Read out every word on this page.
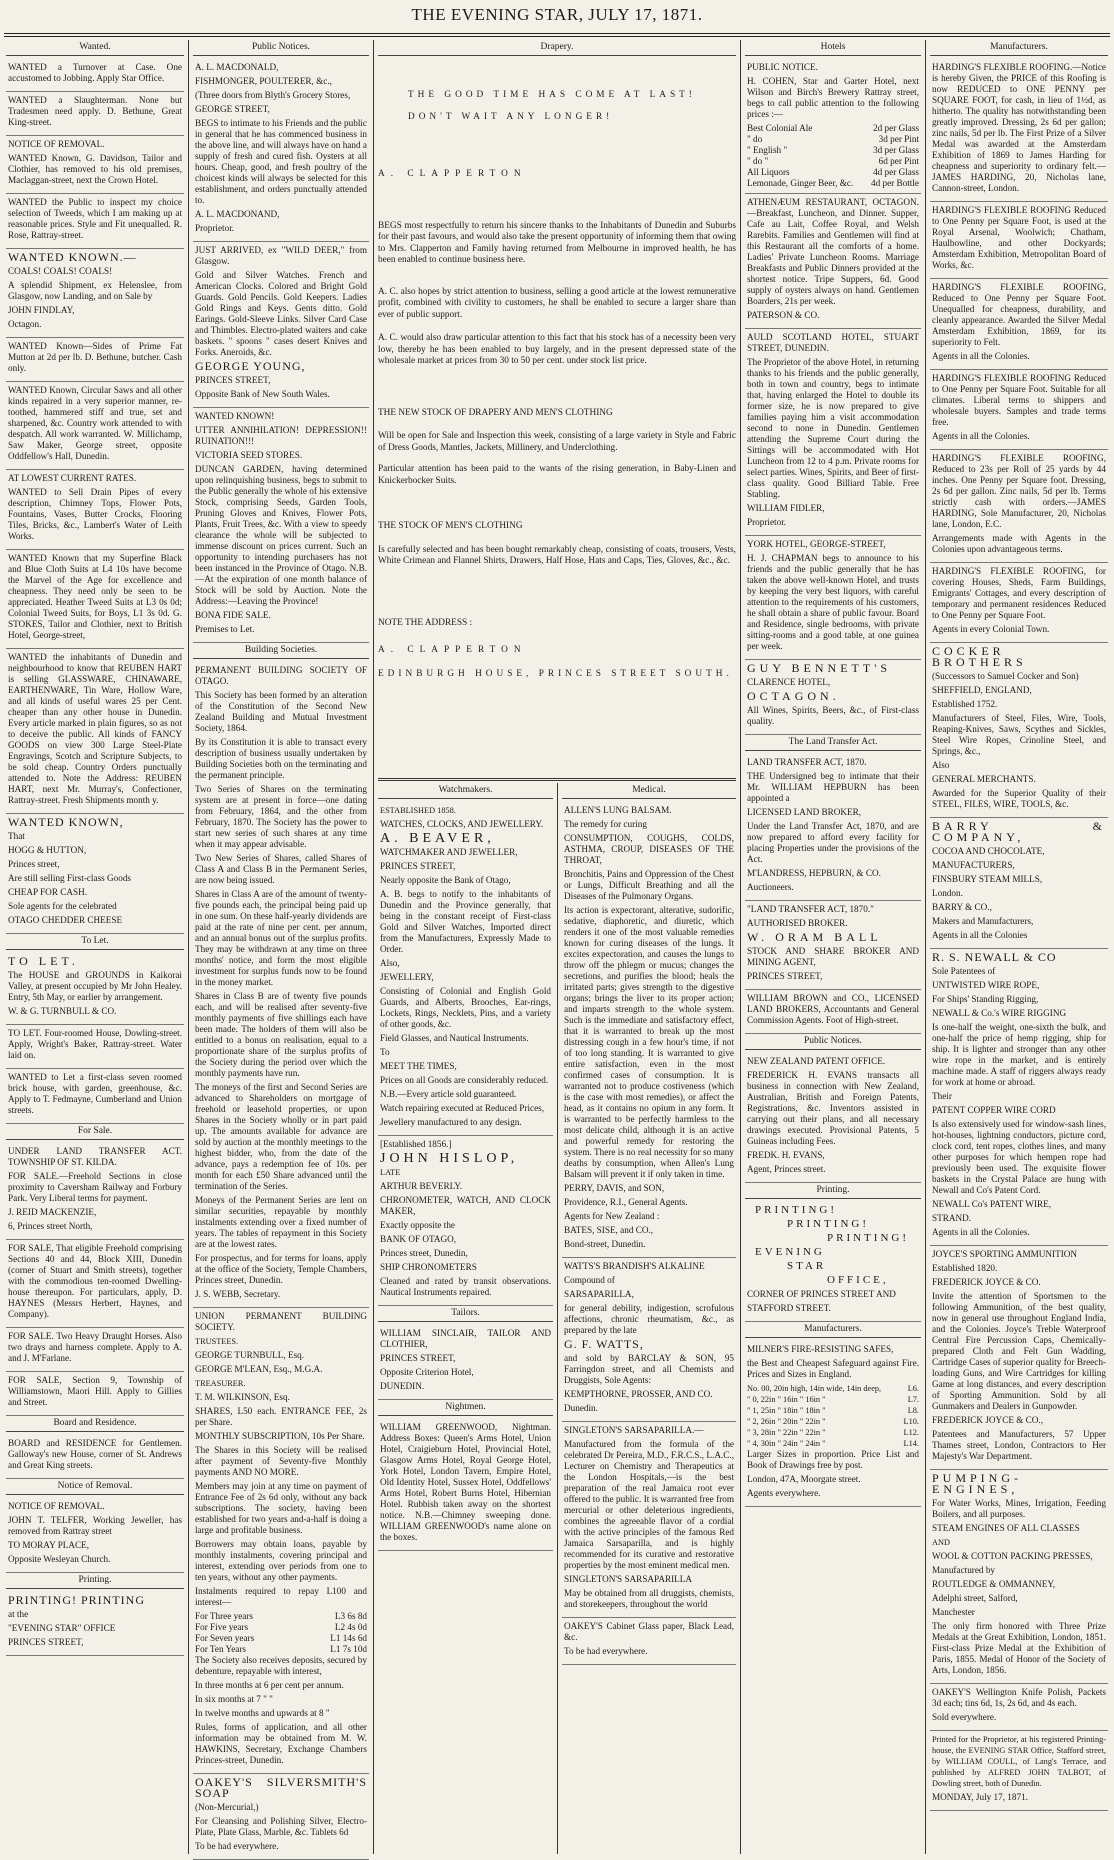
THE EVENING STAR, JULY 17, 1871.
Wanted.

WANTED a Turnover at Case. One accustomed to Jobbing. Apply Star Office.

WANTED a Slaughterman. None but Tradesmen need apply. D. Bethune, Great King-street.

NOTICE OF REMOVAL.

WANTED Known, G. Davidson, Tailor and Clothier, has removed to his old premises, Maclaggan-street, next the Crown Hotel.

WANTED the Public to inspect my choice selection of Tweeds, which I am making up at reasonable prices. Style and Fit unequalled. R. Rose, Rattray-street.

WANTED KNOWN.—

COALS! COALS! COALS!

A splendid Shipment, ex Helenslee, from Glasgow, now Landing, and on Sale by

JOHN FINDLAY,

Octagon.

WANTED Known—Sides of Prime Fat Mutton at 2d per lb. D. Bethune, butcher. Cash only.

WANTED Known, Circular Saws and all other kinds repaired in a very superior manner, re-toothed, hammered stiff and true, set and sharpened, &c. Country work attended to with despatch. All work warranted. W. Millichamp, Saw Maker, George street, opposite Oddfellow's Hall, Dunedin.

AT LOWEST CURRENT RATES.

WANTED to Sell Drain Pipes of every description, Chimney Tops, Flower Pots, Fountains, Vases, Butter Crocks, Flooring Tiles, Bricks, &c., Lambert's Water of Leith Works.

WANTED Known that my Superfine Black and Blue Cloth Suits at L4 10s have become the Marvel of the Age for excellence and cheapness. They need only be seen to be appreciated. Heather Tweed Suits at L3 0s 0d; Colonial Tweed Suits, for Boys, L1 3s 0d. G. STOKES, Tailor and Clothier, next to British Hotel, George-street,

WANTED the inhabitants of Dunedin and neighbourhood to know that REUBEN HART is selling GLASSWARE, CHINAWARE, EARTHENWARE, Tin Ware, Hollow Ware, and all kinds of useful wares 25 per Cent. cheaper than any other house in Dunedin. Every article marked in plain figures, so as not to deceive the public. All kinds of FANCY GOODS on view 300 Large Steel-Plate Engravings, Scotch and Scripture Subjects, to be sold cheap. Country Orders punctually attended to. Note the Address: REUBEN HART, next Mr. Murray's, Confectioner, Rattray-street. Fresh Shipments month y.

WANTED KNOWN,

That

HOGG & HUTTON,

Princes street,

Are still selling First-class Goods

CHEAP FOR CASH.

Sole agents for the celebrated

OTAGO CHEDDER CHEESE

To Let.

TO LET.

The HOUSE and GROUNDS in Kaikorai Valley, at present occupied by Mr John Healey. Entry, 5th May, or earlier by arrangement.

W. & G. TURNBULL & CO.

TO LET. Four-roomed House, Dowling-street. Apply, Wright's Baker, Rattray-street. Water laid on.

WANTED to Let a first-class seven roomed brick house, with garden, greenhouse, &c. Apply to T. Fedmayne, Cumberland and Union streets.

For Sale.

UNDER LAND TRANSFER ACT. TOWNSHIP OF ST. KILDA.

FOR SALE.—Freehold Sections in close proximity to Caversham Railway and Forbury Park. Very Liberal terms for payment.

J. REID MACKENZIE,

6, Princes street North,

FOR SALE, That eligible Freehold comprising Sections 40 and 44, Block XIII, Dunedin (corner of Stuart and Smith streets), together with the commodious ten-roomed Dwelling-house thereupon. For particulars, apply, D. HAYNES (Messrs Herbert, Haynes, and Company).

FOR SALE. Two Heavy Draught Horses. Also two drays and harness complete. Apply to A. and J. M'Farlane.

FOR SALE, Section 9, Township of Williamstown, Maori Hill. Apply to Gillies and Street.

Board and Residence.

BOARD and RESIDENCE for Gentlemen. Galloway's new House, corner of St. Andrews and Great King streets.

Notice of Removal.

NOTICE OF REMOVAL.

JOHN T. TELFER, Working Jeweller, has removed from Rattray street

TO MORAY PLACE,

Opposite Wesleyan Church.

Printing.

PRINTING! PRINTING

at the

"EVENING STAR" OFFICE

PRINCES STREET,

Public Notices.

A. L. MACDONALD,

FISHMONGER, POULTERER, &c.,

(Three doors from Blyth's Grocery Stores,

GEORGE STREET,

BEGS to intimate to his Friends and the public in general that he has commenced business in the above line, and will always have on hand a supply of fresh and cured fish. Oysters at all hours. Cheap, good, and fresh poultry of the choicest kinds will always be selected for this establishment, and orders punctually attended to.

A. L. MACDONAND,

Proprietor.

JUST ARRIVED, ex "WILD DEER," from Glasgow.

Gold and Silver Watches. French and American Clocks. Colored and Bright Gold Guards. Gold Pencils. Gold Keepers. Ladies Gold Rings and Keys. Gents ditto. Gold Earings. Gold-Sleeve Links. Silver Card Case and Thimbles. Electro-plated waiters and cake baskets. " spoons " cases desert Knives and Forks. Aneroids, &c.

GEORGE YOUNG,

PRINCES STREET,

Opposite Bank of New South Wales.

WANTED KNOWN!

UTTER ANNIHILATION! DEPRESSION!! RUINATION!!!

VICTORIA SEED STORES.

DUNCAN GARDEN, having determined upon relinquishing business, begs to submit to the Public generally the whole of his extensive Stock, comprising Seeds, Garden Tools, Pruning Gloves and Knives, Flower Pots, Plants, Fruit Trees, &c. With a view to speedy clearance the whole will be subjected to immense discount on prices current. Such an opportunity to intending purchasers has not been instanced in the Province of Otago. N.B.—At the expiration of one month balance of Stock will be sold by Auction. Note the Address:—Leaving the Province!

BONA FIDE SALE.

Premises to Let.

Building Societies.

PERMANENT BUILDING SOCIETY OF OTAGO.

This Society has been formed by an alteration of the Constitution of the Second New Zealand Building and Mutual Investment Society, 1864.

By its Constitution it is able to transact every description of business usually undertaken by Building Societies both on the terminating and the permanent principle.

Two Series of Shares on the terminating system are at present in force—one dating from February, 1864, and the other from February, 1870. The Society has the power to start new series of such shares at any time when it may appear advisable.

Two New Series of Shares, called Shares of Class A and Class B in the Permanent Series, are now being issued.

Shares in Class A are of the amount of twenty-five pounds each, the principal being paid up in one sum. On these half-yearly dividends are paid at the rate of nine per cent. per annum, and an annual bonus out of the surplus profits. They may be withdrawn at any time on three months' notice, and form the most eligible investment for surplus funds now to be found in the money market.

Shares in Class B are of twenty five pounds each, and will be realised after seventy-five monthly payments of five shillings each have been made. The holders of them will also be entitled to a bonus on realisation, equal to a proportionate share of the surplus profits of the Society during the period over which the monthly payments have run.

The moneys of the first and Second Series are advanced to Shareholders on mortgage of freehold or leasehold properties, or upon Shares in the Society wholly or in part paid up. The amounts available for advance are sold by auction at the monthly meetings to the highest bidder, who, from the date of the advance, pays a redemption fee of 10s. per month for each £50 Share advanced until the termination of the Series.

Moneys of the Permanent Series are lent on similar securities, repayable by monthly instalments extending over a fixed number of years. The tables of repayment in this Society are at the lowest rates.

For prospectus, and for terms for loans, apply at the office of the Society, Temple Chambers, Princes street, Dunedin.

J. S. WEBB, Secretary.

UNION PERMANENT BUILDING SOCIETY.

TRUSTEES.

GEORGE TURNBULL, Esq.

GEORGE M'LEAN, Esq., M.G.A.

TREASURER.

T. M. WILKINSON, Esq.

SHARES, L50 each. ENTRANCE FEE, 2s per Share.

MONTHLY SUBSCRIPTION, 10s Per Share.

The Shares in this Society will be realised after payment of Seventy-five Monthly payments AND NO MORE.

Members may join at any time on payment of Entrance Fee of 2s 6d only, without any back subscriptions. The society, having been established for two years and-a-half is doing a large and profitable business.

Borrowers may obtain loans, payable by monthly instalments, covering principal and interest, extending over periods from one to ten years, without any other payments.

Instalments required to repay L100 and interest—

For Three years	L3 6s 8d
For Five years	L2 4s 0d
For Seven years	L1 14s 6d
For Ten Years	L1 7s 10d

The Society also receives deposits, secured by debenture, repayable with interest,

In three months at 6 per cent per annum.

In six months at 7 " "

In twelve months and upwards at 8 "

Rules, forms of application, and all other information may be obtained from M. W. HAWKINS, Secretary, Exchange Chambers Princes-street, Dunedin.

OAKEY'S SILVERSMITH'S SOAP

(Non-Mercurial,)

For Cleansing and Polishing Silver, Electro-Plate, Plate Glass, Marble, &c. Tablets 6d

To be had everywhere.

Drapery.

THE GOOD TIME HAS COME AT LAST!

DON'T WAIT ANY LONGER!

A. CLAPPERTON

BEGS most respectfully to return his sincere thanks to the Inhabitants of Dunedin and Suburbs for their past favours, and would also take the present opportunity of informing them that owing to Mrs. Clapperton and Family having returned from Melbourne in improved health, he has been enabled to continue business here.

A. C. also hopes by strict attention to business, selling a good article at the lowest remunerative profit, combined with civility to customers, he shall be enabled to secure a larger share than ever of public support.

A. C. would also draw particular attention to this fact that his stock has of a necessity been very low, thereby he has been enabled to buy largely, and in the present depressed state of the wholesale market at prices from 30 to 50 per cent. under stock list price.

THE NEW STOCK OF DRAPERY AND MEN'S CLOTHING

Will be open for Sale and Inspection this week, consisting of a large variety in Style and Fabric of Dress Goods, Mantles, Jackets, Millinery, and Underclothing.

Particular attention has been paid to the wants of the rising generation, in Baby-Linen and Knickerbocker Suits.

THE STOCK OF MEN'S CLOTHING

Is carefully selected and has been bought remarkably cheap, consisting of coats, trousers, Vests, White Crimean and Flannel Shirts, Drawers, Half Hose, Hats and Caps, Ties, Gloves, &c., &c.

NOTE THE ADDRESS :

A. CLAPPERTON

EDINBURGH HOUSE, PRINCES STREET SOUTH.

Watchmakers.

ESTABLISHED 1858.

WATCHES, CLOCKS, AND JEWELLERY.

A. BEAVER,

WATCHMAKER AND JEWELLER,

PRINCES STREET,

Nearly opposite the Bank of Otago,

A. B. begs to notify to the inhabitants of Dunedin and the Province generally, that being in the constant receipt of First-class Gold and Silver Watches, Imported direct from the Manufacturers, Expressly Made to Order.

Also,

JEWELLERY,

Consisting of Colonial and English Gold Guards, and Alberts, Brooches, Ear-rings, Lockets, Rings, Necklets, Pins, and a variety of other goods, &c.

Field Glasses, and Nautical Instruments.

To

MEET THE TIMES,

Prices on all Goods are considerably reduced.

N.B.—Every article sold guaranteed.

Watch repairing executed at Reduced Prices,

Jewellery manufactured to any design.

[Established 1856.]

JOHN HISLOP,

LATE

ARTHUR BEVERLY.

CHRONOMETER, WATCH, AND CLOCK MAKER,

Exactly opposite the

BANK OF OTAGO,

Princes street, Dunedin,

SHIP CHRONOMETERS

Cleaned and rated by transit observations. Nautical Instruments repaired.

Tailors.

WILLIAM SINCLAIR, TAILOR AND CLOTHIER,

PRINCES STREET,

Opposite Criterion Hotel,

DUNEDIN.

Nightmen.

WILLIAM GREENWOOD, Nightman. Address Boxes: Queen's Arms Hotel, Union Hotel, Craigieburn Hotel, Provincial Hotel, Glasgow Arms Hotel, Royal George Hotel, York Hotel, London Tavern, Empire Hotel, Old Identity Hotel, Sussex Hotel, Oddfellows' Arms Hotel, Robert Burns Hotel, Hibernian Hotel. Rubbish taken away on the shortest notice. N.B.—Chimney sweeping done. WILLIAM GREENWOOD's name alone on the boxes.

Medical.

ALLEN'S LUNG BALSAM.

The remedy for curing

CONSUMPTION, COUGHS, COLDS, ASTHMA, CROUP, DISEASES OF THE THROAT,

Bronchitis, Pains and Oppression of the Chest or Lungs, Difficult Breathing and all the Diseases of the Pulmonary Organs.

Its action is expectorant, alterative, sudorific, sedative, diaphoretic, and diuretic, which renders it one of the most valuable remedies known for curing diseases of the lungs. It excites expectoration, and causes the lungs to throw off the phlegm or mucus; changes the secretions, and purifies the blood; heals the irritated parts; gives strength to the digestive organs; brings the liver to its proper action; and imparts strength to the whole system. Such is the immediate and satisfactory effect, that it is warranted to break up the most distressing cough in a few hour's time, if not of too long standing. It is warranted to give entire satisfaction, even in the most confirmed cases of consumption. It is warranted not to produce costiveness (which is the case with most remedies), or affect the head, as it contains no opium in any form. It is warranted to be perfectly harmless to the most delicate child, although it is an active and powerful remedy for restoring the system. There is no real necessity for so many deaths by consumption, when Allen's Lung Balsam will prevent it if only taken in time.

PERRY, DAVIS, and SON,

Providence, R.I., General Agents.

Agents for New Zealand :

BATES, SISE, and CO.,

Bond-street, Dunedin.

WATTS'S BRANDISH'S ALKALINE

Compound of

SARSAPARILLA,

for general debility, indigestion, scrofulous affections, chronic rheumatism, &c., as prepared by the late

G. F. WATTS,

and sold by BARCLAY & SON, 95 Farringdon street, and all Chemists and Druggists, Sole Agents:

KEMPTHORNE, PROSSER, AND CO.

Dunedin.

SINGLETON'S SARSAPARILLA.—

Manufactured from the formula of the celebrated Dr Pereira, M.D., F.R.C.S., L.A.C., Lecturer on Chemistry and Therapeutics at the London Hospitals,—is the best preparation of the real Jamaica root ever offered to the public. It is warranted free from mercurial or other deleterious ingredients, combines the agreeable flavor of a cordial with the active principles of the famous Red Jamaica Sarsaparilla, and is highly recommended for its curative and restorative properties by the most eminent medical men.

SINGLETON'S SARSAPARILLA

May be obtained from all druggists, chemists, and storekeepers, throughout the world

OAKEY'S Cabinet Glass paper, Black Lead, &c.

To be had everywhere.

Hotels

PUBLIC NOTICE.

H. COHEN, Star and Garter Hotel, next Wilson and Birch's Brewery Rattray street, begs to call public attention to the following prices :—

Best Colonial Ale	2d per Glass
" do	3d per Pint
" English "	3d per Glass
" do "	6d per Pint
All Liquors	4d per Glass
Lemonade, Ginger Beer, &c. 4d per Bottle

ATHENÆUM RESTAURANT, OCTAGON.—Breakfast, Luncheon, and Dinner. Supper, Cafe au Lait, Coffee Royal, and Welsh Rarebits. Families and Gentlemen will find at this Restaurant all the comforts of a home. Ladies' Private Luncheon Rooms. Marriage Breakfasts and Public Dinners provided at the shortest notice. Tripe Suppers, 6d. Good supply of oysters always on hand. Gentlemen Boarders, 21s per week.

PATERSON & CO.

AULD SCOTLAND HOTEL, STUART STREET, DUNEDIN.

The Proprietor of the above Hotel, in returning thanks to his friends and the public generally, both in town and country, begs to intimate that, having enlarged the Hotel to double its former size, he is now prepared to give families paying him a visit accommodation second to none in Dunedin. Gentlemen attending the Supreme Court during the Sittings will be accommodated with Hot Luncheon from 12 to 4 p.m. Private rooms for select parties. Wines, Spirits, and Beer of first-class quality. Good Billiard Table. Free Stabling.

WILLIAM FIDLER,

Proprietor.

YORK HOTEL, GEORGE-STREET,

H. J. CHAPMAN begs to announce to his friends and the public generally that he has taken the above well-known Hotel, and trusts by keeping the very best liquors, with careful attention to the requirements of his customers, he shall obtain a share of public favour. Board and Residence, single bedrooms, with private sitting-rooms and a good table, at one guinea per week.

GUY BENNETT'S

CLARENCE HOTEL,

OCTAGON.

All Wines, Spirits, Beers, &c., of First-class quality.

The Land Transfer Act.

LAND TRANSFER ACT, 1870.

THE Undersigned beg to intimate that their Mr. WILLIAM HEPBURN has been appointed a

LICENSED LAND BROKER,

Under the Land Transfer Act, 1870, and are now prepared to afford every facility for placing Properties under the provisions of the Act.

M'LANDRESS, HEPBURN, & CO.

Auctioneers.

"LAND TRANSFER ACT, 1870."

AUTHORISED BROKER.

W. ORAM BALL

STOCK AND SHARE BROKER AND MINING AGENT,

PRINCES STREET,

WILLIAM BROWN and CO., LICENSED LAND BROKERS, Accountants and General Commission Agents. Foot of High-street.

Public Notices.

NEW ZEALAND PATENT OFFICE.

FREDERICK H. EVANS transacts all business in connection with New Zealand, Australian, British and Foreign Patents, Registrations, &c. Inventors assisted in carrying out their plans, and all necessary drawings executed. Provisional Patents, 5 Guineas including Fees.

FREDK. H. EVANS,

Agent, Princes street.

Printing.

PRINTING!

PRINTING!

PRINTING!

EVENING

STAR

OFFICE,

CORNER OF PRINCES STREET AND

STAFFORD STREET.

Manufacturers.

MILNER'S FIRE-RESISTING SAFES,

the Best and Cheapest Safeguard against Fire. Prices and Sizes in England.

No. 00, 20in high, 14in wide, 14in deep,	L6.
" 0, 22in " 16in " 16in "	L7.
" 1, 25in " 18in " 18in "	L8.
" 2, 26in " 20in " 22in "	L10.
" 3, 28in " 22in " 22in "	L12.
" 4, 30in " 24in " 24in "	L14.

Larger Sizes in proportion. Price List and Book of Drawings free by post.

London, 47A, Moorgate street.

Agents everywhere.

Manufacturers.

HARDING'S FLEXIBLE ROOFING.—Notice is hereby Given, the PRICE of this Roofing is now REDUCED to ONE PENNY per SQUARE FOOT, for cash, in lieu of 1½d, as hitherto. The quality has notwithstanding been greatly improved. Dressing, 2s 6d per gallon; zinc nails, 5d per lb. The First Prize of a Silver Medal was awarded at the Amsterdam Exhibition of 1869 to James Harding for cheapness and superiority to ordinary felt.—JAMES HARDING, 20, Nicholas lane, Cannon-street, London.

HARDING'S FLEXIBLE ROOFING Reduced to One Penny per Square Foot, is used at the Royal Arsenal, Woolwich; Chatham, Haulbowline, and other Dockyards; Amsterdam Exhibition, Metropolitan Board of Works, &c.

HARDING'S FLEXIBLE ROOFING, Reduced to One Penny per Square Foot. Unequalled for cheapness, durability, and cleanly appearance. Awarded the Silver Medal Amsterdam Exhibition, 1869, for its superiority to Felt.

Agents in all the Colonies.

HARDING'S FLEXIBLE ROOFING Reduced to One Penny per Square Foot. Suitable for all climates. Liberal terms to shippers and wholesale buyers. Samples and trade terms free.

Agents in all the Colonies.

HARDING'S FLEXIBLE ROOFING, Reduced to 23s per Roll of 25 yards by 44 inches. One Penny per Square foot. Dressing, 2s 6d per gallon. Zinc nails, 5d per lb. Terms strictly cash with orders.—JAMES HARDING, Sole Manufacturer, 20, Nicholas lane, London, E.C.

Arrangements made with Agents in the Colonies upon advantageous terms.

HARDING'S FLEXIBLE ROOFING, for covering Houses, Sheds, Farm Buildings, Emigrants' Cottages, and every description of temporary and permanent residences Reduced to One Penny per Square Foot.

Agents in every Colonial Town.

COCKER BROTHERS

(Successors to Samuel Cocker and Son)

SHEFFIELD, ENGLAND,

Established 1752.

Manufacturers of Steel, Files, Wire, Tools, Reaping-Knives, Saws, Scythes and Sickles, Steel Wire Ropes, Crinoline Steel, and Springs, &c.,

Also

GENERAL MERCHANTS.

Awarded for the Superior Quality of their STEEL, FILES, WIRE, TOOLS, &c.

BARRY & COMPANY,

COCOA AND CHOCOLATE,

MANUFACTURERS,

FINSBURY STEAM MILLS,

London.

BARRY & CO.,

Makers and Manufacturers,

Agents in all the Colonies

R. S. NEWALL & CO

Sole Patentees of

UNTWISTED WIRE ROPE,

For Ships' Standing Rigging,

NEWALL & Co.'s WIRE RIGGING

Is one-half the weight, one-sixth the bulk, and one-half the price of hemp rigging, ship for ship. It is lighter and stronger than any other wire rope in the market, and is entirely machine made. A staff of riggers always ready for work at home or abroad.

Their

PATENT COPPER WIRE CORD

Is also extensively used for window-sash lines, hot-houses, lightning conductors, picture cord, clock cord, tent ropes, clothes lines, and many other purposes for which hempen rope had previously been used. The exquisite flower baskets in the Crystal Palace are hung with Newall and Co's Patent Cord.

NEWALL Co's PATENT WIRE,

STRAND.

Agents in all the Colonies.

JOYCE'S SPORTING AMMUNITION

Established 1820.

FREDERICK JOYCE & CO.

Invite the attention of Sportsmen to the following Ammunition, of the best quality, now in general use throughout England India, and the Colonies. Joyce's Treble Waterproof Central Fire Percussion Caps, Chemically-prepared Cloth and Felt Gun Wadding, Cartridge Cases of superior quality for Breech-loading Guns, and Wire Cartridges for killing Game at long distances, and every description of Sporting Ammunition. Sold by all Gunmakers and Dealers in Gunpowder.

FREDERICK JOYCE & CO.,

Patentees and Manufacturers, 57 Upper Thames street, London, Contractors to Her Majesty's War Department.

PUMPING-ENGINES,

For Water Works, Mines, Irrigation, Feeding Boilers, and all purposes.

STEAM ENGINES OF ALL CLASSES

AND

WOOL & COTTON PACKING PRESSES,

Manufactured by

ROUTLEDGE & OMMANNEY,

Adelphi street, Salford,

Manchester

The only firm honored with Three Prize Medals at the Great Exhibition, London, 1851. First-class Prize Medal at the Exhibition of Paris, 1855. Medal of Honor of the Society of Arts, London, 1856.

OAKEY'S Wellington Knife Polish, Packets 3d each; tins 6d, 1s, 2s 6d, and 4s each.

Sold everywhere.

Printed for the Proprietor, at his registered Printing-house, the EVENING STAR Office, Stafford street, by WILLIAM COULL, of Lang's Terrace, and published by ALFRED JOHN TALBOT, of Dowling street, both of Dunedin.

MONDAY, July 17, 1871.
